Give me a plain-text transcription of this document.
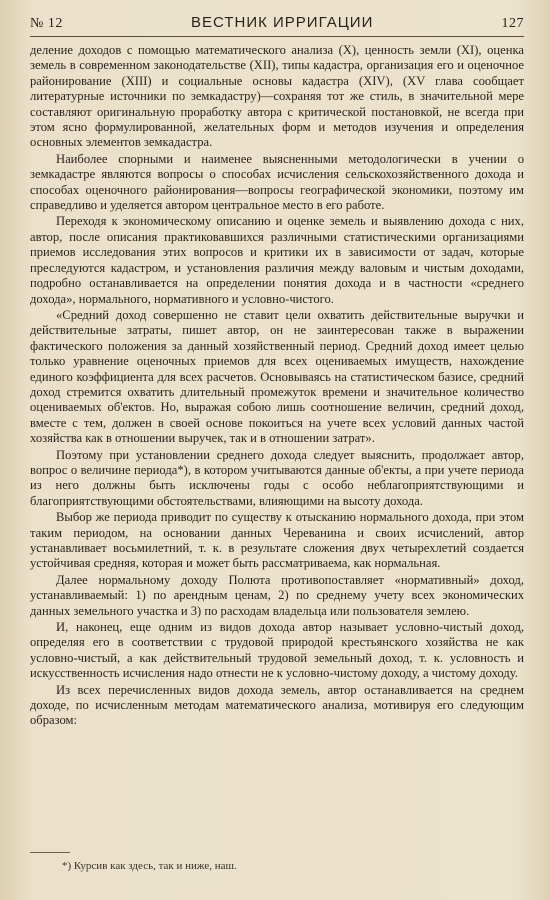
№ 12	ВЕСТНИК ИРРИГАЦИИ	127

деление доходов с помощью математического анализа (X), ценность земли (XI), оценка земель в современном законодательстве (XII), типы кадастра, организация его и оценочное районирование (XIII) и социальные основы кадастра (XIV), (XV глава сообщает литературные источники по земкадастру)—сохраняя тот же стиль, в значительной мере составляют оригинальную проработку автора с критической постановкой, не всегда при этом ясно формулированной, желательных форм и методов изучения и определения основных элементов земкадастра.

Наиболее спорными и наименее выясненными методологически в учении о земкадастре являются вопросы о способах исчисления сельскохозяйственного дохода и способах оценочного районирования—вопросы географической экономики, поэтому им справедливо и уделяется автором центральное место в его работе.

Переходя к экономическому описанию и оценке земель и выявлению дохода с них, автор, после описания практиковавшихся различными статистическими организациями приемов исследования этих вопросов и критики их в зависимости от задач, которые преследуются кадастром, и установления различия между валовым и чистым доходами, подробно останавливается на определении понятия дохода и в частности «среднего дохода», нормального, нормативного и условно-чистого.

«Средний доход совершенно не ставит цели охватить действительные выручки и действительные затраты, пишет автор, он не заинтересован также в выражении фактического положения за данный хозяйственный период. Средний доход имеет целью только уравнение оценочных приемов для всех оцениваемых имуществ, нахождение единого коэффициента для всех расчетов. Основываясь на статистическом базисе, средний доход стремится охватить длительный промежуток времени и значительное количество оцениваемых об'ектов. Но, выражая собою лишь соотношение величин, средний доход, вместе с тем, должен в своей основе покоиться на учете всех условий данных частой хозяйства как в отношении выручек, так и в отношении затрат».

Поэтому при установлении среднего дохода следует выяснить, продолжает автор, вопрос о величине периода*), в котором учитываются данные об'екты, а при учете периода из него должны быть исключены годы с особо неблагоприятствующими и благоприятствующими обстоятельствами, влияющими на высоту дохода.

Выбор же периода приводит по существу к отысканию нормального дохода, при этом таким периодом, на основании данных Череванина и своих исчислений, автор устанавливает восьмилетний, т. к. в результате сложения двух четырехлетий создается устойчивая средняя, которая и может быть рассматриваема, как нормальная.

Далее нормальному доходу Полюта противопоставляет «нормативный» доход, устанавливаемый: 1) по арендным ценам, 2) по среднему учету всех экономических данных земельного участка и 3) по расходам владельца или пользователя землею.

И, наконец, еще одним из видов дохода автор называет условно-чистый доход, определяя его в соответствии с трудовой природой крестьянского хозяйства не как условно-чистый, а как действительный трудовой земельный доход, т. к. условность и искусственность исчисления надо отнести не к условно-чистому доходу, а чистому доходу.

Из всех перечисленных видов дохода земель, автор останавливается на среднем доходе, по исчисленным методам математического анализа, мотивируя его следующим образом:

*) Курсив как здесь, так и ниже, наш.
